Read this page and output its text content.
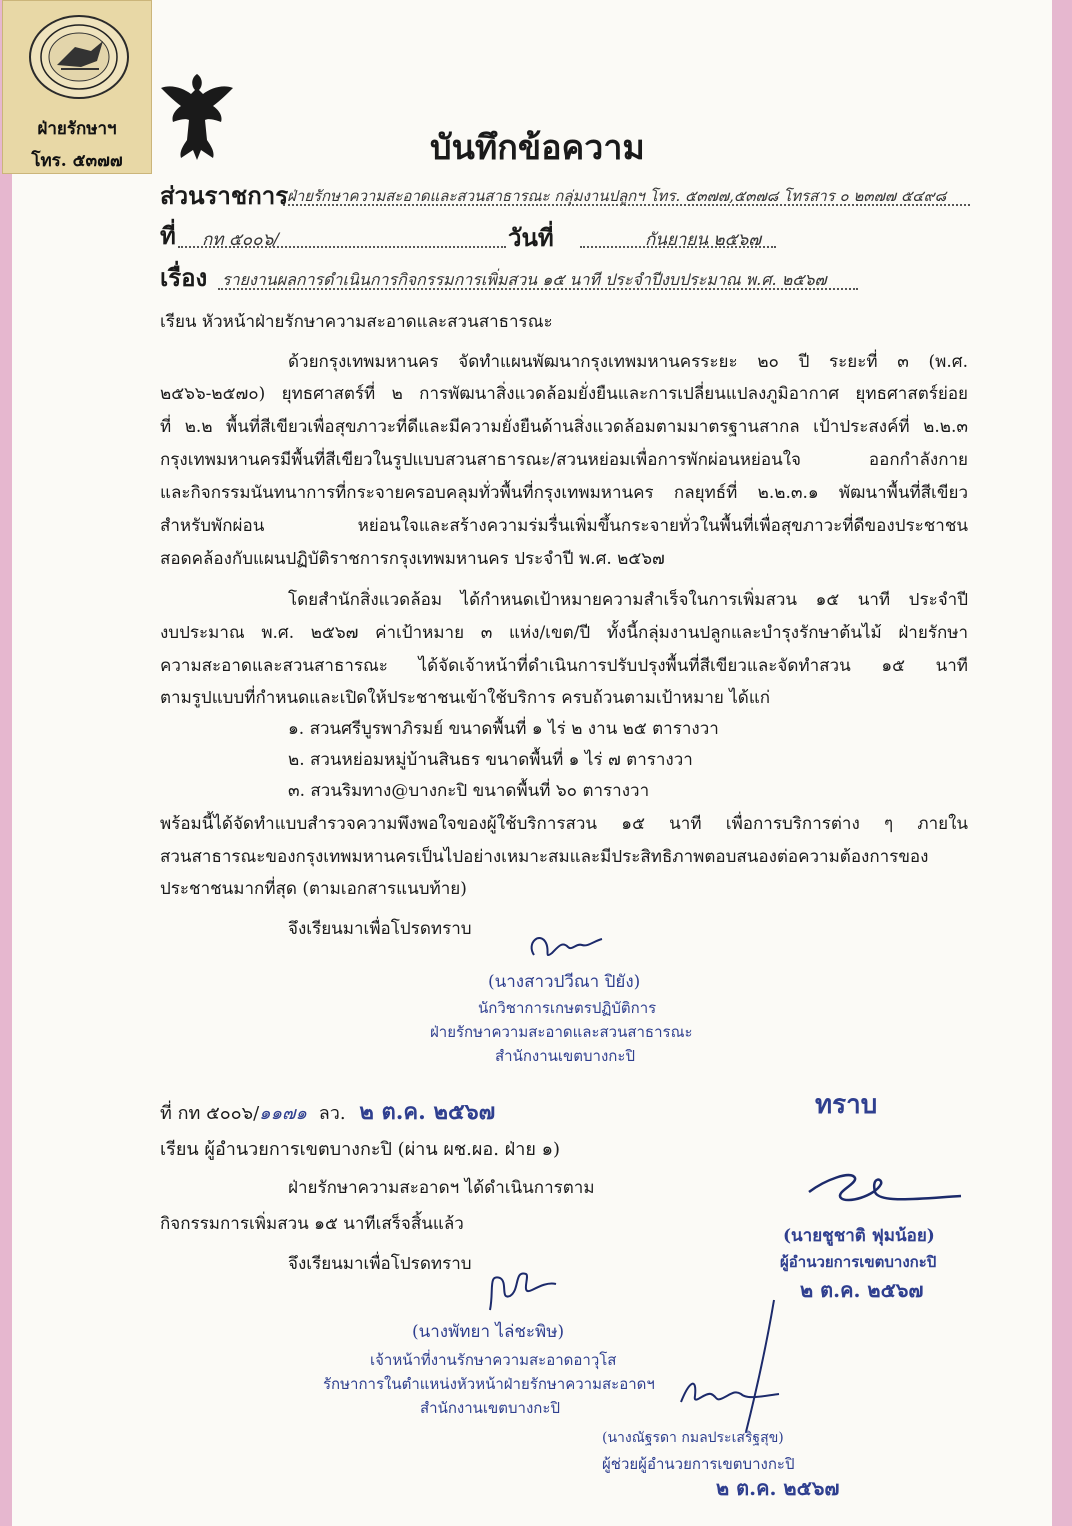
ฝ่ายรักษาฯ
โทร. ๕๓๗๗	บันทึกข้อความ
ส่วนราชการ
ฝ่ายรักษาความสะอาดและสวนสาธารณะ กลุ่มงานปลูกฯ โทร. ๕๓๗๗,๕๓๗๘ โทรสาร ๐ ๒๓๗๗ ๕๔๙๘
ที่ กท ๕๐๐๖/	วันที่	กันยายน ๒๕๖๗
เรื่อง รายงานผลการดำเนินการกิจกรรมการเพิ่มสวน ๑๕ นาที ประจำปีงบประมาณ พ.ศ. ๒๕๖๗
เรียน หัวหน้าฝ่ายรักษาความสะอาดและสวนสาธารณะ
ด้วยกรุงเทพมหานคร จัดทำแผนพัฒนากรุงเทพมหานครระยะ ๒๐ ปี ระยะที่ ๓ (พ.ศ.
๒๕๖๖-๒๕๗๐) ยุทธศาสตร์ที่ ๒ การพัฒนาสิ่งแวดล้อมยั่งยืนและการเปลี่ยนแปลงภูมิอากาศ ยุทธศาสตร์ย่อย
ที่ ๒.๒ พื้นที่สีเขียวเพื่อสุขภาวะที่ดีและมีความยั่งยืนด้านสิ่งแวดล้อมตามมาตรฐานสากล เป้าประสงค์ที่ ๒.๒.๓
กรุงเทพมหานครมีพื้นที่สีเขียวในรูปแบบสวนสาธารณะ/สวนหย่อมเพื่อการพักผ่อนหย่อนใจ ออกกำลังกาย
และกิจกรรมนันทนาการที่กระจายครอบคลุมทั่วพื้นที่กรุงเทพมหานคร กลยุทธ์ที่ ๒.๒.๓.๑ พัฒนาพื้นที่สีเขียว
สำหรับพักผ่อน หย่อนใจและสร้างความร่มรื่นเพิ่มขึ้นกระจายทั่วในพื้นที่เพื่อสุขภาวะที่ดีของประชาชน
สอดคล้องกับแผนปฏิบัติราชการกรุงเทพมหานคร ประจำปี พ.ศ. ๒๕๖๗
โดยสำนักสิ่งแวดล้อม ได้กำหนดเป้าหมายความสำเร็จในการเพิ่มสวน ๑๕ นาที ประจำปี
งบประมาณ พ.ศ. ๒๕๖๗ ค่าเป้าหมาย ๓ แห่ง/เขต/ปี ทั้งนี้กลุ่มงานปลูกและบำรุงรักษาต้นไม้ ฝ่ายรักษา
ความสะอาดและสวนสาธารณะ ได้จัดเจ้าหน้าที่ดำเนินการปรับปรุงพื้นที่สีเขียวและจัดทำสวน ๑๕ นาที
ตามรูปแบบที่กำหนดและเปิดให้ประชาชนเข้าใช้บริการ ครบถ้วนตามเป้าหมาย ได้แก่
๑. สวนศรีบูรพาภิรมย์ ขนาดพื้นที่ ๑ ไร่ ๒ งาน ๒๕ ตารางวา
๒. สวนหย่อมหมู่บ้านสินธร ขนาดพื้นที่ ๑ ไร่ ๗ ตารางวา
๓. สวนริมทาง@บางกะปิ ขนาดพื้นที่ ๖๐ ตารางวา
พร้อมนี้ได้จัดทำแบบสำรวจความพึงพอใจของผู้ใช้บริการสวน ๑๕ นาที เพื่อการบริการต่าง ๆ ภายใน
สวนสาธารณะของกรุงเทพมหานครเป็นไปอย่างเหมาะสมและมีประสิทธิภาพตอบสนองต่อความต้องการของ
ประชาชนมากที่สุด (ตามเอกสารแนบท้าย)
จึงเรียนมาเพื่อโปรดทราบ
(นางสาวปวีณา ปิยัง)
นักวิชาการเกษตรปฏิบัติการ
ฝ่ายรักษาความสะอาดและสวนสาธารณะ
สำนักงานเขตบางกะปิ
ที่ กท ๕๐๐๖/๑๑๗๑ ลว. ๒ ต.ค. ๒๕๖๗
เรียน ผู้อำนวยการเขตบางกะปิ (ผ่าน ผช.ผอ. ฝ่าย ๑)
ฝ่ายรักษาความสะอาดฯ ได้ดำเนินการตาม
กิจกรรมการเพิ่มสวน ๑๕ นาทีเสร็จสิ้นแล้ว
จึงเรียนมาเพื่อโปรดทราบ
(นางพัทยา ไล่ชะพิษ)
เจ้าหน้าที่งานรักษาความสะอาดอาวุโส
รักษาการในตำแหน่งหัวหน้าฝ่ายรักษาความสะอาดฯ
สำนักงานเขตบางกะปิ
ทราบ
(นายชูชาติ ฟุมน้อย)
ผู้อำนวยการเขตบางกะปิ
๒ ต.ค. ๒๕๖๗
(นางณัฐรดา กมลประเสริฐสุข)
ผู้ช่วยผู้อำนวยการเขตบางกะปิ
๒ ต.ค. ๒๕๖๗
